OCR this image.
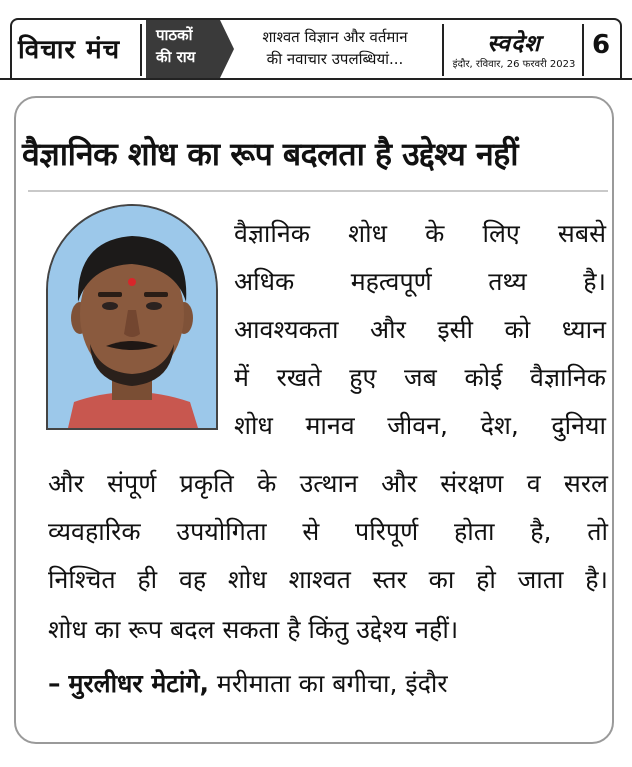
विचार मंच पाठकों
की राय
शाश्वत विज्ञान और वर्तमान
की नवाचार उपलब्धियां...
स्वदेश
इंदौर, रविवार, 26 फरवरी 2023
6
वैज्ञानिक शोध का रूप बदलता है उद्देश्य नहीं
वैज्ञानिक शोध के लिए सबसे
अधिक महत्वपूर्ण तथ्य है।
आवश्यकता और इसी को ध्यान
में रखते हुए जब कोई वैज्ञानिक
शोध मानव जीवन, देश, दुनिया
और संपूर्ण प्रकृति के उत्थान और संरक्षण व सरल
व्यवहारिक उपयोगिता से परिपूर्ण होता है, तो
निश्चित ही वह शोध शाश्वत स्तर का हो जाता है।
शोध का रूप बदल सकता है किंतु उद्देश्य नहीं।
– मुरलीधर मेटांगे, मरीमाता का बगीचा, इंदौर
